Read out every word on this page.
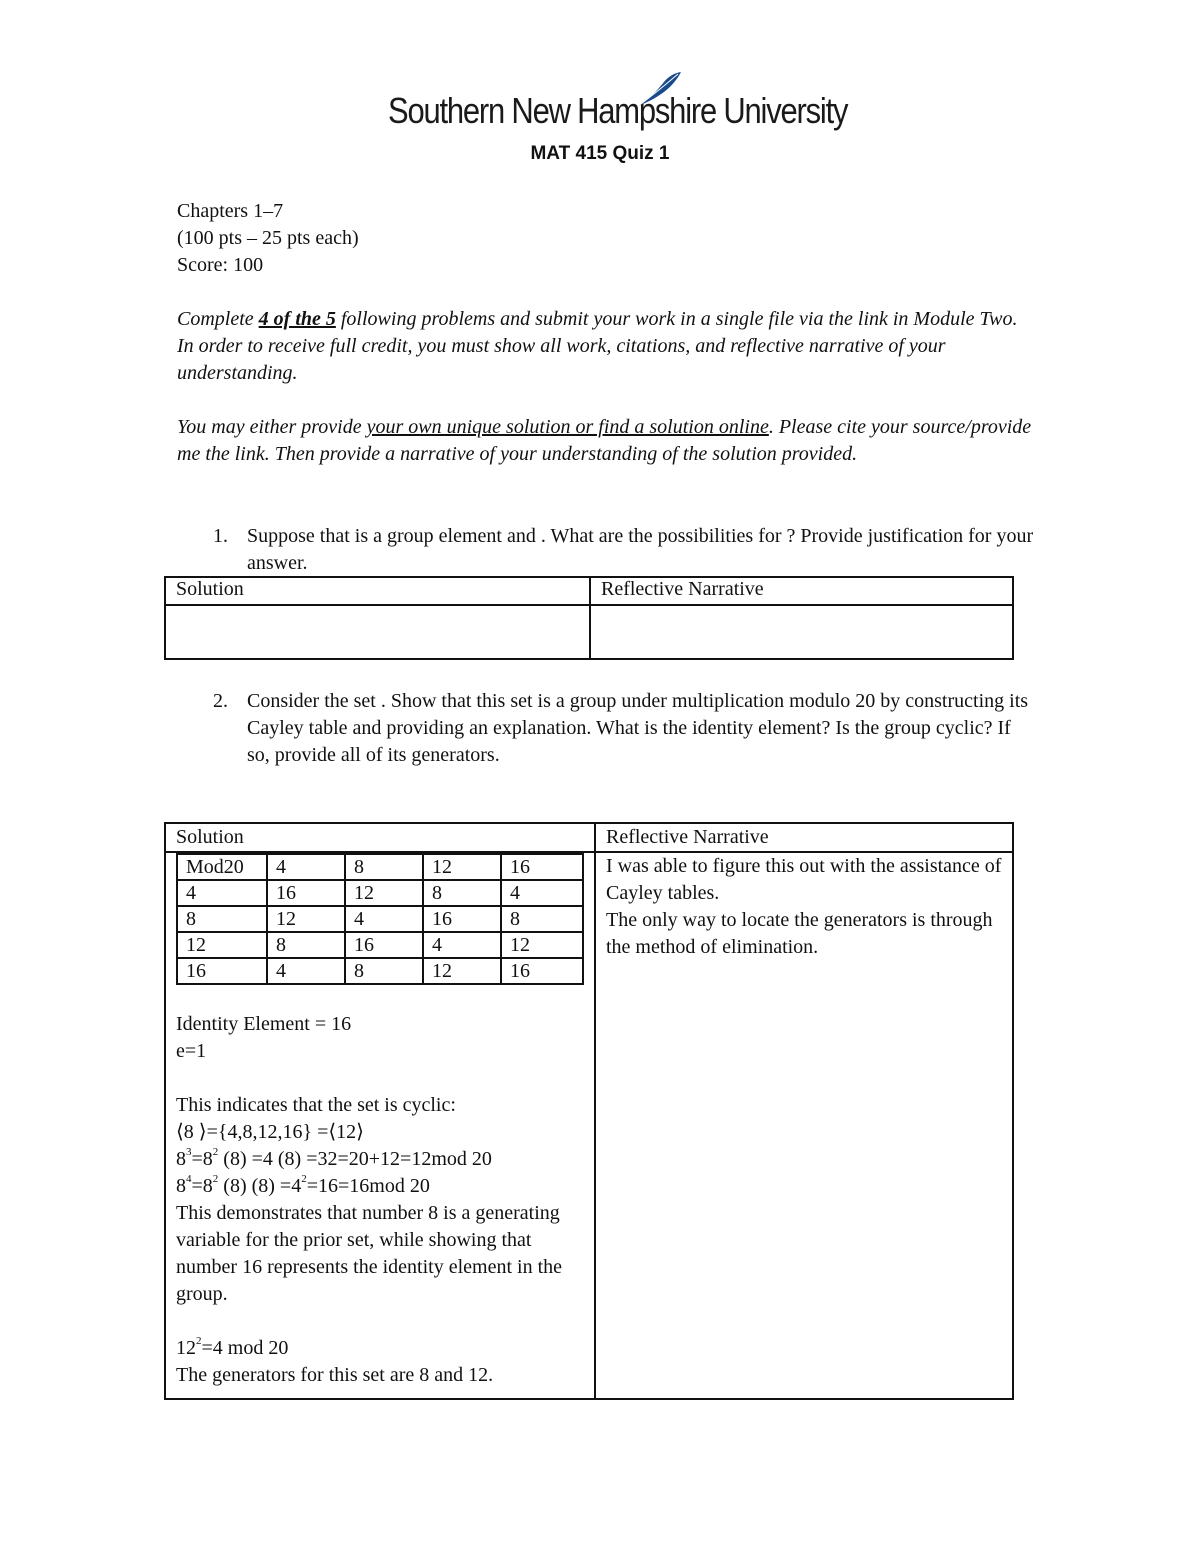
Southern New Hampshire University
MAT 415 Quiz 1
Chapters 1–7
(100 pts – 25 pts each)
Score: 100
Complete 4 of the 5 following problems and submit your work in a single file via the link in Module Two. In order to receive full credit, you must show all work, citations, and reflective narrative of your understanding.
You may either provide your own unique solution or find a solution online. Please cite your source/provide me the link. Then provide a narrative of your understanding of the solution provided.
1. Suppose that is a group element and . What are the possibilities for ? Provide justification for your answer.
Solution	Reflective Narrative

2. Consider the set . Show that this set is a group under multiplication modulo 20 by constructing its Cayley table and providing an explanation. What is the identity element? Is the group cyclic? If so, provide all of its generators.
Solution	Reflective Narrative

Mod20	4	8	12	16
4	16	12	8	4
8	12	4	16	8
12	8	16	4	12
16	4	8	12	16
Identity Element = 16
e=1
This indicates that the set is cyclic:
⟨8 ⟩={4,8,12,16} =⟨12⟩
$8^3=8^2$ (8) =4 (8) =32=20+12=12mod 20
$8^4=8^2$ (8) $(8) =4^2=16=16mod$ 20
This demonstrates that number 8 is a generating variable for the prior set, while showing that number 16 represents the identity element in the group.
$12^2=4$ mod 20
The generators for this set are 8 and 12.

I was able to figure this out with the assistance of Cayley tables.
The only way to locate the generators is through the method of elimination.
